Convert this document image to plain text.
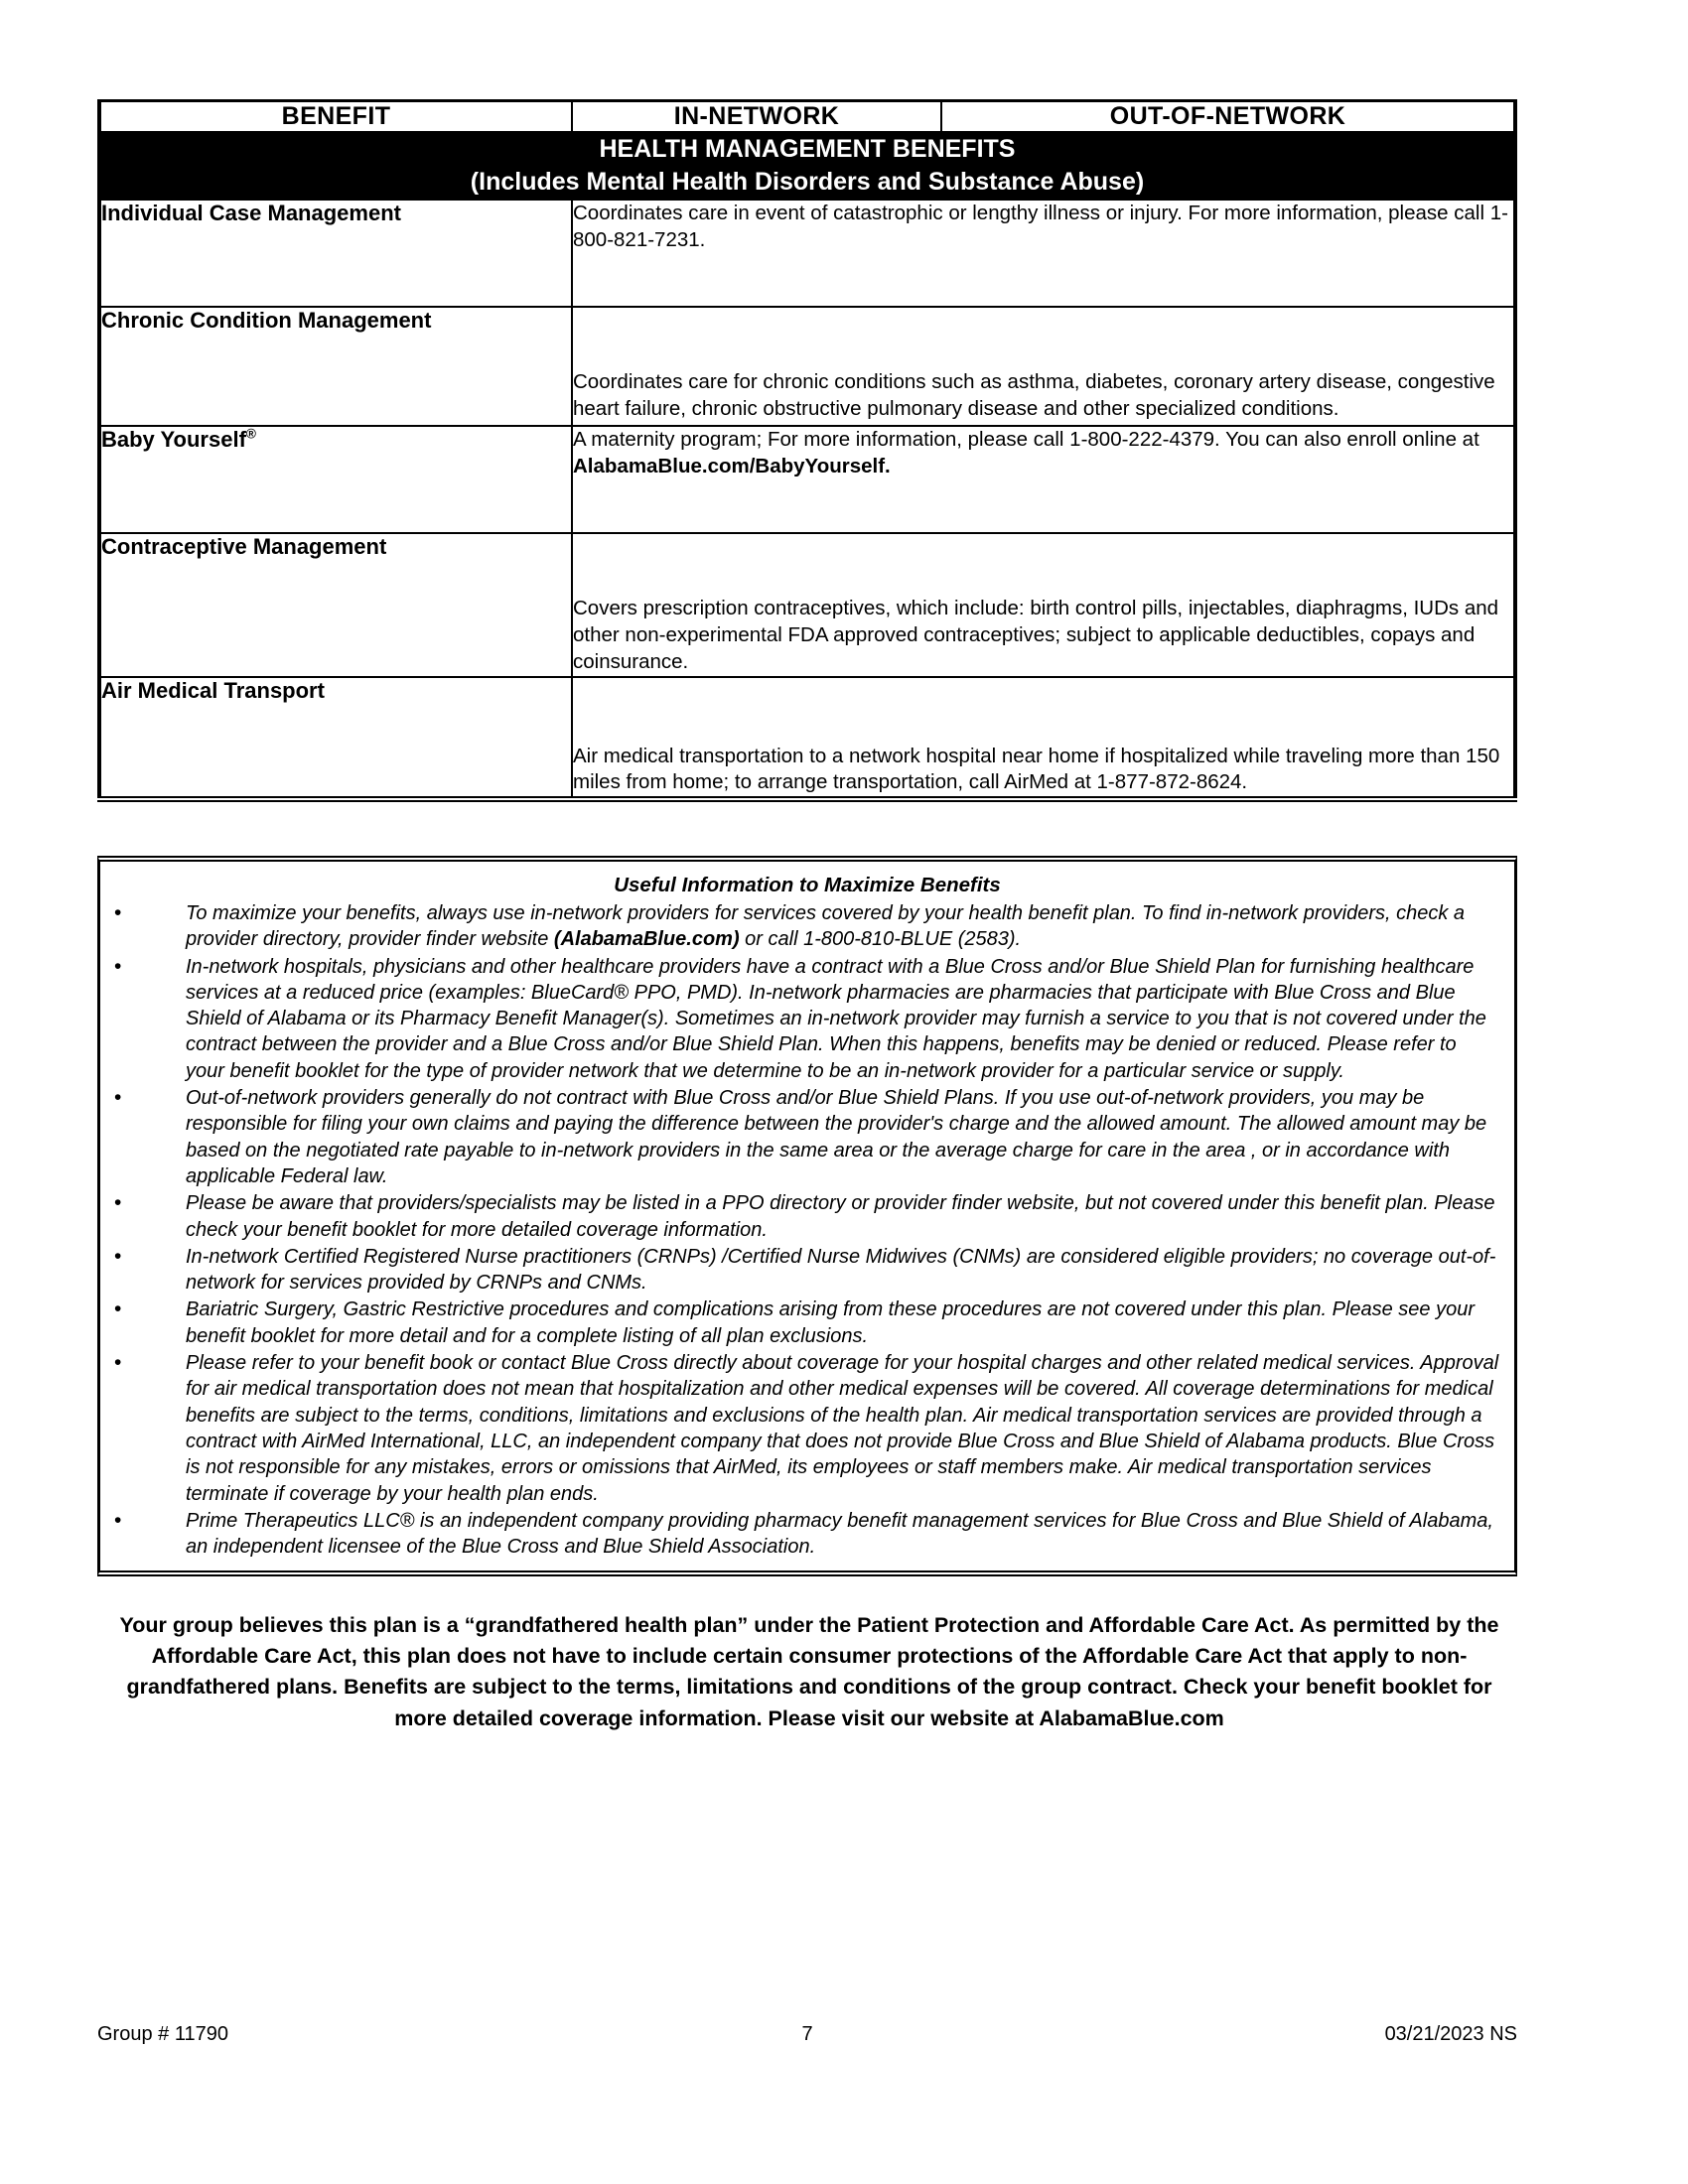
BENEFIT	IN-NETWORK	OUT-OF-NETWORK
HEALTH MANAGEMENT BENEFITS
(Includes Mental Health Disorders and Substance Abuse)		

Individual Case Management	Coordinates care in event of catastrophic or lengthy illness or injury. For more information, please call 1-800-821-7231.	
Chronic Condition Management	Coordinates care for chronic conditions such as asthma, diabetes, coronary artery disease, congestive heart failure, chronic obstructive pulmonary disease and other specialized conditions.	
Baby Yourself®	A maternity program; For more information, please call 1-800-222-4379. You can also enroll online at AlabamaBlue.com/BabyYourself.	
Contraceptive Management	Covers prescription contraceptives, which include: birth control pills, injectables, diaphragms, IUDs and other non-experimental FDA approved contraceptives; subject to applicable deductibles, copays and coinsurance.	
Air Medical Transport	Air medical transportation to a network hospital near home if hospitalized while traveling more than 150 miles from home; to arrange transportation, call AirMed at 1-877-872-8624.	
Useful Information to Maximize Benefits
• To maximize your benefits, always use in-network providers for services covered by your health benefit plan. To find in-network providers, check a provider directory, provider finder website (AlabamaBlue.com) or call 1-800-810-BLUE (2583).
• In-network hospitals, physicians and other healthcare providers have a contract with a Blue Cross and/or Blue Shield Plan for furnishing healthcare services at a reduced price (examples: BlueCard® PPO, PMD). In-network pharmacies are pharmacies that participate with Blue Cross and Blue Shield of Alabama or its Pharmacy Benefit Manager(s). Sometimes an in-network provider may furnish a service to you that is not covered under the contract between the provider and a Blue Cross and/or Blue Shield Plan. When this happens, benefits may be denied or reduced. Please refer to your benefit booklet for the type of provider network that we determine to be an in-network provider for a particular service or supply.
• Out-of-network providers generally do not contract with Blue Cross and/or Blue Shield Plans. If you use out-of-network providers, you may be responsible for filing your own claims and paying the difference between the provider's charge and the allowed amount. The allowed amount may be based on the negotiated rate payable to in-network providers in the same area or the average charge for care in the area , or in accordance with applicable Federal law.
• Please be aware that providers/specialists may be listed in a PPO directory or provider finder website, but not covered under this benefit plan. Please check your benefit booklet for more detailed coverage information.
• In-network Certified Registered Nurse practitioners (CRNPs) /Certified Nurse Midwives (CNMs) are considered eligible providers; no coverage out-of-network for services provided by CRNPs and CNMs.
• Bariatric Surgery, Gastric Restrictive procedures and complications arising from these procedures are not covered under this plan. Please see your benefit booklet for more detail and for a complete listing of all plan exclusions.
• Please refer to your benefit book or contact Blue Cross directly about coverage for your hospital charges and other related medical services. Approval for air medical transportation does not mean that hospitalization and other medical expenses will be covered. All coverage determinations for medical benefits are subject to the terms, conditions, limitations and exclusions of the health plan. Air medical transportation services are provided through a contract with AirMed International, LLC, an independent company that does not provide Blue Cross and Blue Shield of Alabama products. Blue Cross is not responsible for any mistakes, errors or omissions that AirMed, its employees or staff members make. Air medical transportation services terminate if coverage by your health plan ends.
• Prime Therapeutics LLC® is an independent company providing pharmacy benefit management services for Blue Cross and Blue Shield of Alabama, an independent licensee of the Blue Cross and Blue Shield Association.
Your group believes this plan is a “grandfathered health plan” under the Patient Protection and Affordable Care Act. As permitted by the Affordable Care Act, this plan does not have to include certain consumer protections of the Affordable Care Act that apply to non-grandfathered plans. Benefits are subject to the terms, limitations and conditions of the group contract. Check your benefit booklet for more detailed coverage information. Please visit our website at AlabamaBlue.com
Group # 11790	7	03/21/2023 NS
